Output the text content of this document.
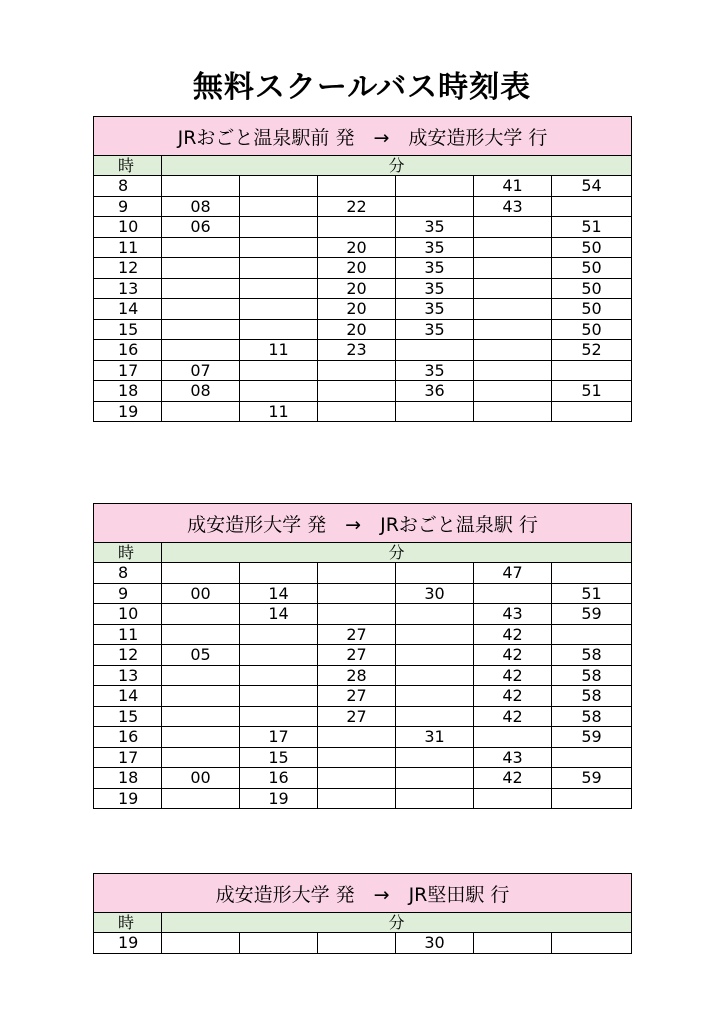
無料スクールバス時刻表
JRおごと温泉駅前 発　→　成安造形大学 行						
時	分					
8					41	54
9	08		22		43	
10	06			35		51
11			20	35		50
12			20	35		50
13			20	35		50
14			20	35		50
15			20	35		50
16		11	23			52
17	07			35		
18	08			36		51
19		11				
成安造形大学 発　→　JRおごと温泉駅 行						
時	分					
8					47	
9	00	14		30		51
10		14			43	59
11			27		42	
12	05		27		42	58
13			28		42	58
14			27		42	58
15			27		42	58
16		17		31		59
17		15			43	
18	00	16			42	59
19		19				
成安造形大学 発　→　JR堅田駅 行						
時	分					
19				30		
